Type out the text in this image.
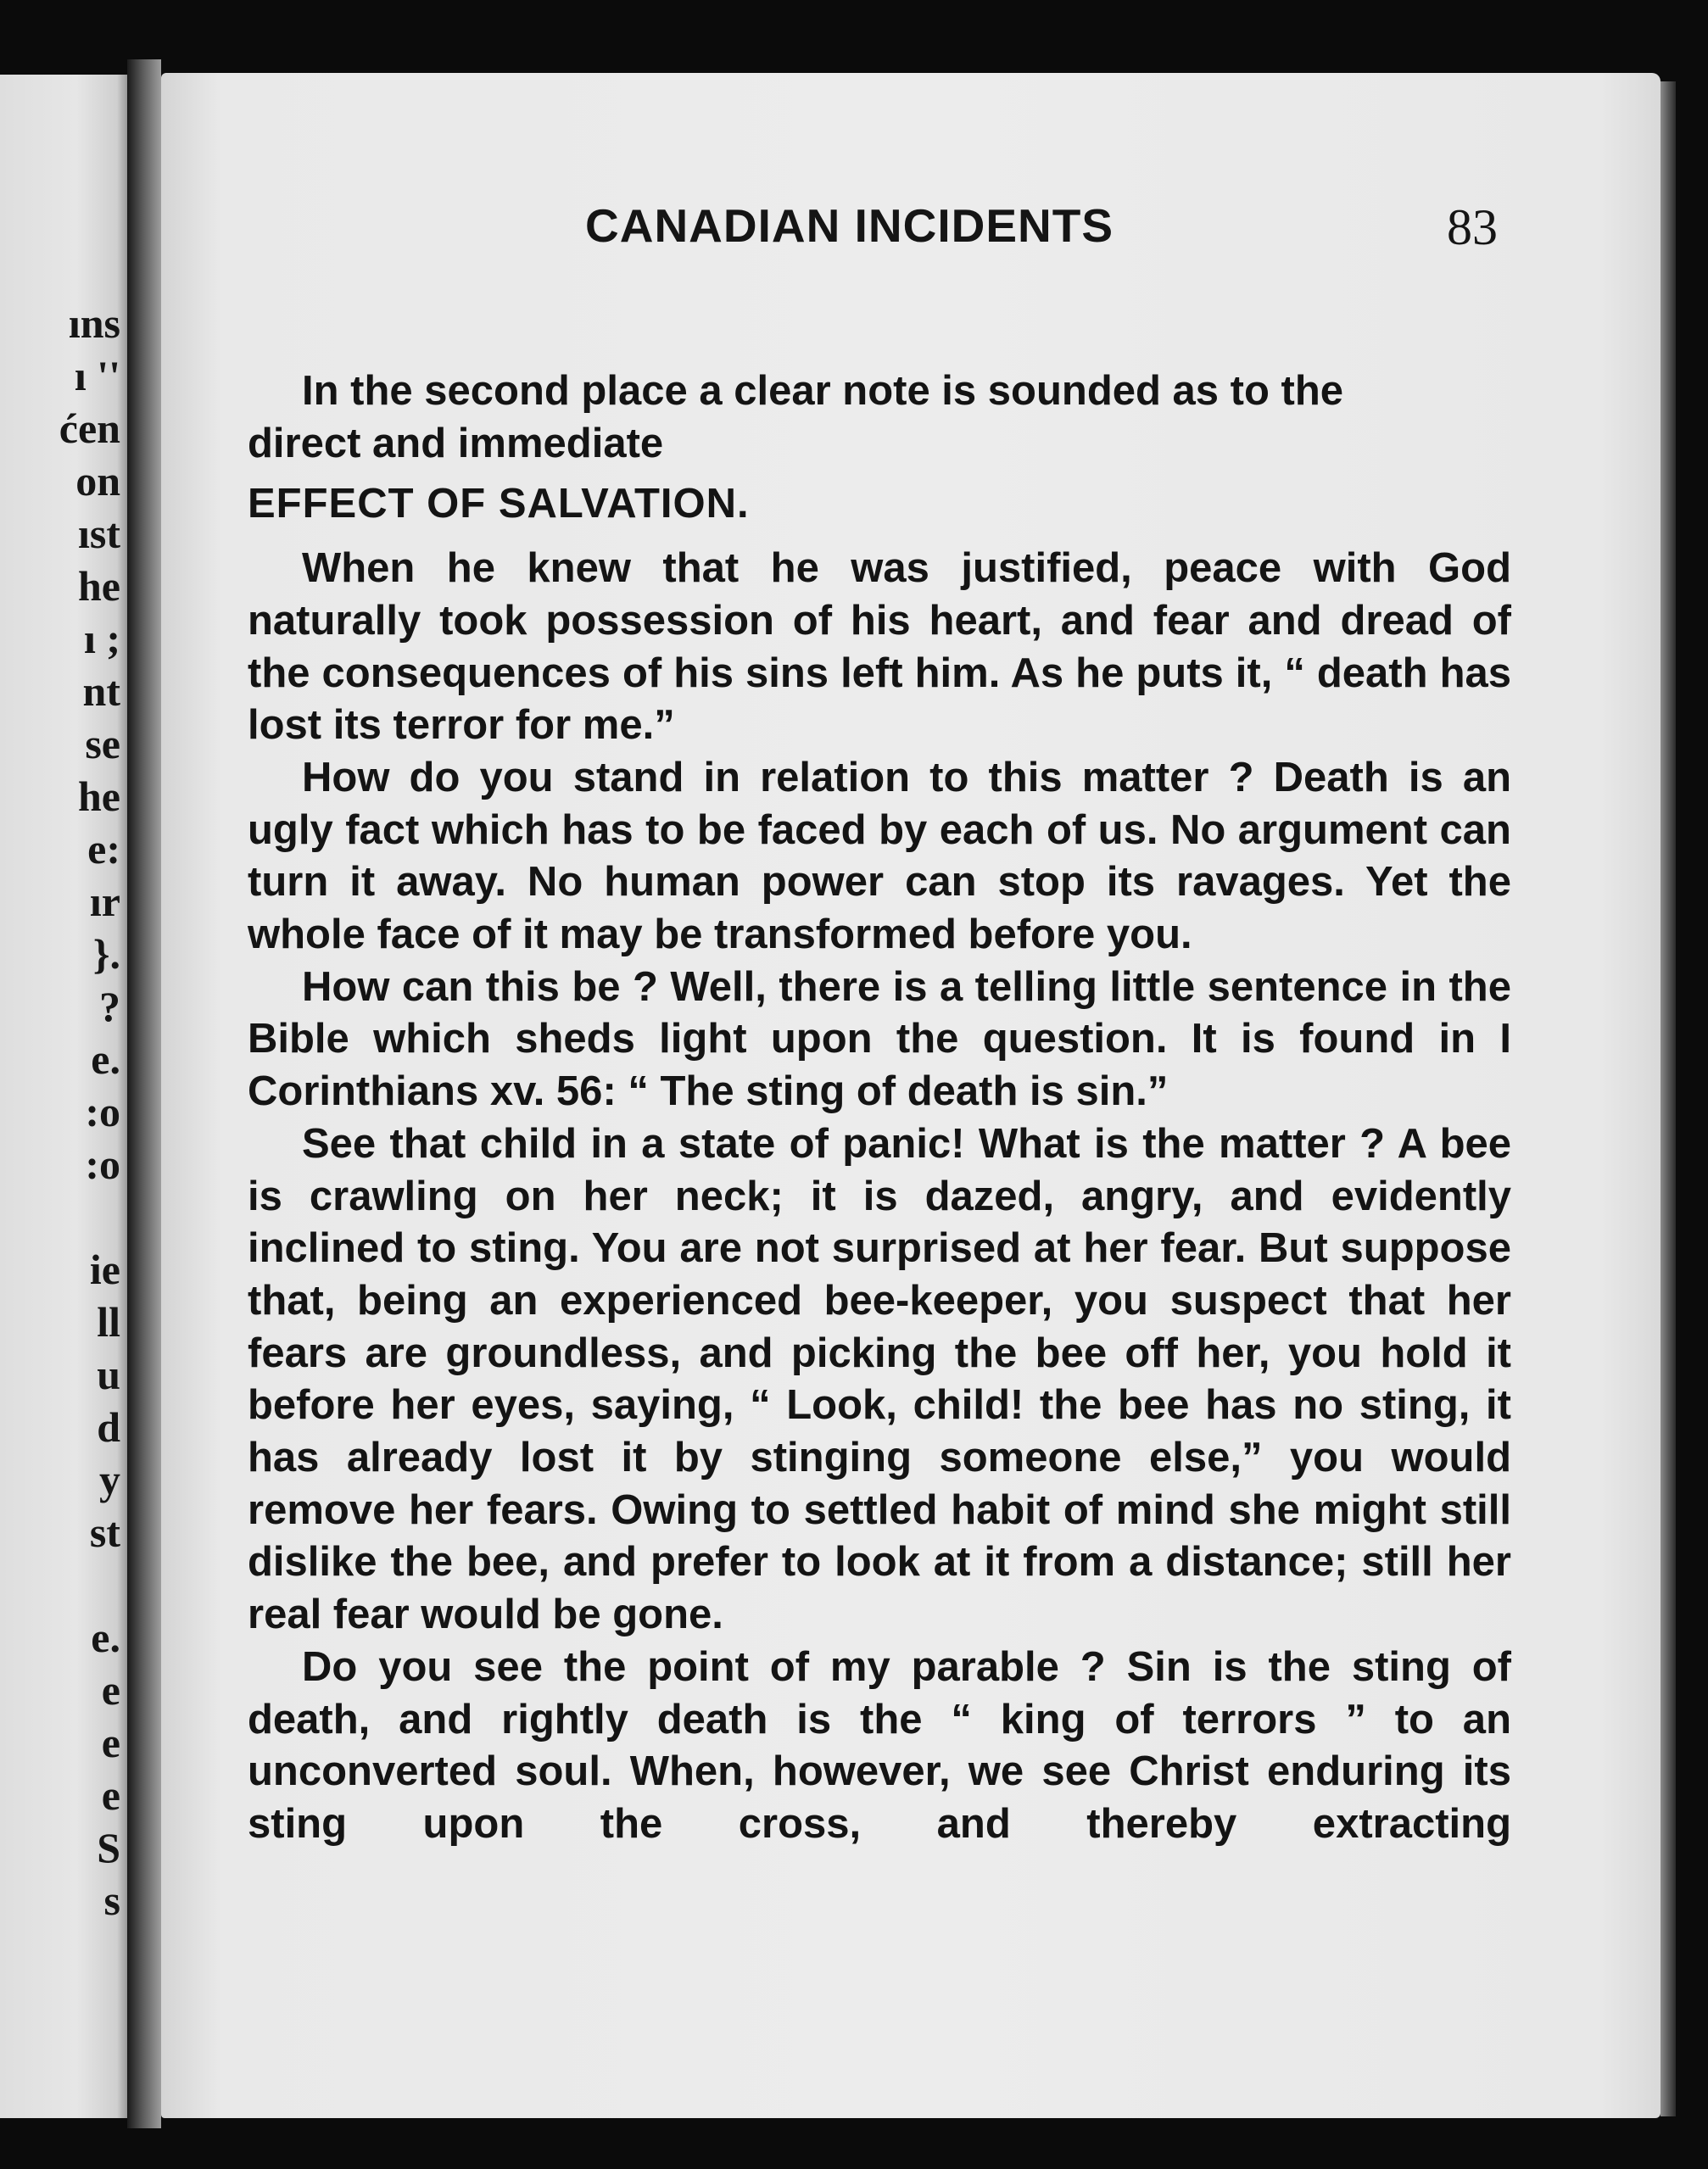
ıns
ı ''
ćen
on
ıst
he
ı ;
nt
se
he
e:
ır
}.
?
e.
:o
:o
ie
ll
u
d
y
st
e.
e
e
e
S
s
CANADIAN INCIDENTS	83

In the second place a clear note is sounded as to the
direct and immediate

EFFECT OF SALVATION.

When he knew that he was justified, peace with God naturally took possession of his heart, and fear and dread of the consequences of his sins left him. As he puts it, “ death has lost its terror for me.”

How do you stand in relation to this matter ? Death is an ugly fact which has to be faced by each of us. No argument can turn it away. No human power can stop its ravages. Yet the whole face of it may be transformed before you.

How can this be ? Well, there is a telling little sentence in the Bible which sheds light upon the question. It is found in I Corinthians xv. 56: “ The sting of death is sin.”

See that child in a state of panic! What is the matter ? A bee is crawling on her neck; it is dazed, angry, and evidently inclined to sting. You are not surprised at her fear. But suppose that, being an experienced bee-keeper, you suspect that her fears are groundless, and picking the bee off her, you hold it before her eyes, saying, “ Look, child! the bee has no sting, it has already lost it by stinging someone else,” you would remove her fears. Owing to settled habit of mind she might still dislike the bee, and prefer to look at it from a distance; still her real fear would be gone.

Do you see the point of my parable ? Sin is the sting of death, and rightly death is the “ king of terrors ” to an unconverted soul. When, however, we see Christ enduring its sting upon the cross, and thereby extracting
